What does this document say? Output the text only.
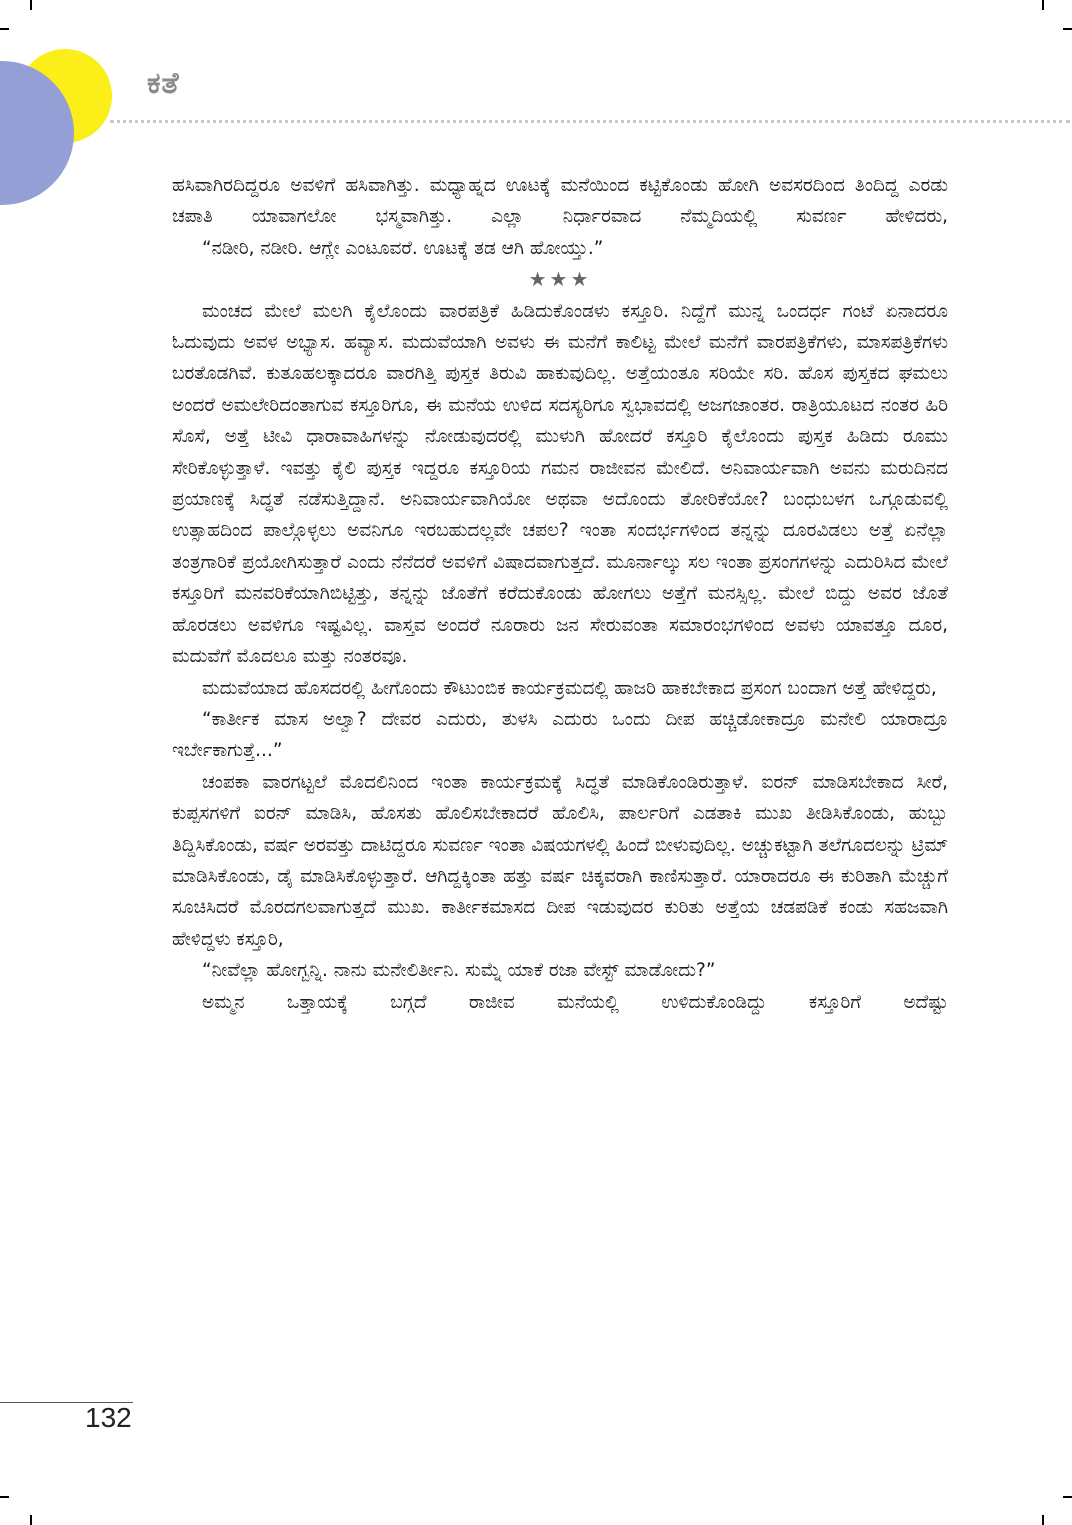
ಕತೆ

ಹಸಿವಾಗಿರದಿದ್ದರೂ ಅವಳಿಗೆ ಹಸಿವಾಗಿತ್ತು. ಮಧ್ಯಾಹ್ನದ ಊಟಕ್ಕೆ ಮನೆಯಿಂದ ಕಟ್ಟಿಕೊಂಡು ಹೋಗಿ ಅವಸರದಿಂದ ತಿಂದಿದ್ದ ಎರಡು ಚಪಾತಿ ಯಾವಾಗಲೋ ಭಸ್ಮವಾಗಿತ್ತು. ಎಲ್ಲಾ ನಿರ್ಧಾರವಾದ ನೆಮ್ಮದಿಯಲ್ಲಿ ಸುವರ್ಣ ಹೇಳಿದರು,

“ನಡೀರಿ, ನಡೀರಿ. ಆಗ್ಲೇ ಎಂಟೂವರೆ. ಊಟಕ್ಕೆ ತಡ ಆಗಿ ಹೋಯ್ತು.”

★★★

ಮಂಚದ ಮೇಲೆ ಮಲಗಿ ಕೈಲೊಂದು ವಾರಪತ್ರಿಕೆ ಹಿಡಿದುಕೊಂಡಳು ಕಸ್ತೂರಿ. ನಿದ್ದೆಗೆ ಮುನ್ನ ಒಂದರ್ಧ ಗಂಟೆ ಏನಾದರೂ ಓದುವುದು ಅವಳ ಅಭ್ಯಾಸ. ಹವ್ಯಾಸ. ಮದುವೆಯಾಗಿ ಅವಳು ಈ ಮನೆಗೆ ಕಾಲಿಟ್ಟ ಮೇಲೆ ಮನೆಗೆ ವಾರಪತ್ರಿಕೆಗಳು, ಮಾಸಪತ್ರಿಕೆಗಳು ಬರತೊಡಗಿವೆ. ಕುತೂಹಲಕ್ಕಾದರೂ ವಾರಗಿತ್ತಿ ಪುಸ್ತಕ ತಿರುವಿ ಹಾಕುವುದಿಲ್ಲ. ಅತ್ತೆಯಂತೂ ಸರಿಯೇ ಸರಿ. ಹೊಸ ಪುಸ್ತಕದ ಘಮಲು ಅಂದರೆ ಅಮಲೇರಿದಂತಾಗುವ ಕಸ್ತೂರಿಗೂ, ಈ ಮನೆಯ ಉಳಿದ ಸದಸ್ಯರಿಗೂ ಸ್ವಭಾವದಲ್ಲಿ ಅಜಗಜಾಂತರ. ರಾತ್ರಿಯೂಟದ ನಂತರ ಹಿರಿ ಸೊಸೆ, ಅತ್ತೆ ಟೀವಿ ಧಾರಾವಾಹಿಗಳನ್ನು ನೋಡುವುದರಲ್ಲಿ ಮುಳುಗಿ ಹೋದರೆ ಕಸ್ತೂರಿ ಕೈಲೊಂದು ಪುಸ್ತಕ ಹಿಡಿದು ರೂಮು ಸೇರಿಕೊಳ್ಳುತ್ತಾಳೆ. ಇವತ್ತು ಕೈಲಿ ಪುಸ್ತಕ ಇದ್ದರೂ ಕಸ್ತೂರಿಯ ಗಮನ ರಾಜೀವನ ಮೇಲಿದೆ. ಅನಿವಾರ್ಯವಾಗಿ ಅವನು ಮರುದಿನದ ಪ್ರಯಾಣಕ್ಕೆ ಸಿದ್ಧತೆ ನಡೆಸುತ್ತಿದ್ದಾನೆ. ಅನಿವಾರ್ಯವಾಗಿಯೋ ಅಥವಾ ಅದೊಂದು ತೋರಿಕೆಯೋ? ಬಂಧುಬಳಗ ಒಗ್ಗೂಡುವಲ್ಲಿ ಉತ್ಸಾಹದಿಂದ ಪಾಲ್ಗೊಳ್ಳಲು ಅವನಿಗೂ ಇರಬಹುದಲ್ಲವೇ ಚಪಲ? ಇಂತಾ ಸಂದರ್ಭಗಳಿಂದ ತನ್ನನ್ನು ದೂರವಿಡಲು ಅತ್ತೆ ಏನೆಲ್ಲಾ ತಂತ್ರಗಾರಿಕೆ ಪ್ರಯೋಗಿಸುತ್ತಾರೆ ಎಂದು ನೆನೆದರೆ ಅವಳಿಗೆ ವಿಷಾದವಾಗುತ್ತದೆ. ಮೂರ್ನಾಲ್ಕು ಸಲ ಇಂತಾ ಪ್ರಸಂಗಗಳನ್ನು ಎದುರಿಸಿದ ಮೇಲೆ ಕಸ್ತೂರಿಗೆ ಮನವರಿಕೆಯಾಗಿಬಿಟ್ಟಿತ್ತು, ತನ್ನನ್ನು ಜೊತೆಗೆ ಕರೆದುಕೊಂಡು ಹೋಗಲು ಅತ್ತೆಗೆ ಮನಸ್ಸಿಲ್ಲ. ಮೇಲೆ ಬಿದ್ದು ಅವರ ಜೊತೆ ಹೊರಡಲು ಅವಳಿಗೂ ಇಷ್ಟವಿಲ್ಲ. ವಾಸ್ತವ ಅಂದರೆ ನೂರಾರು ಜನ ಸೇರುವಂತಾ ಸಮಾರಂಭಗಳಿಂದ ಅವಳು ಯಾವತ್ತೂ ದೂರ, ಮದುವೆಗೆ ಮೊದಲೂ ಮತ್ತು ನಂತರವೂ.

ಮದುವೆಯಾದ ಹೊಸದರಲ್ಲಿ ಹೀಗೊಂದು ಕೌಟುಂಬಿಕ ಕಾರ್ಯಕ್ರಮದಲ್ಲಿ ಹಾಜರಿ ಹಾಕಬೇಕಾದ ಪ್ರಸಂಗ ಬಂದಾಗ ಅತ್ತೆ ಹೇಳಿದ್ದರು,

“ಕಾರ್ತೀಕ ಮಾಸ ಅಲ್ವಾ? ದೇವರ ಎದುರು, ತುಳಸಿ ಎದುರು ಒಂದು ದೀಪ ಹಚ್ಚಿಡೋಕಾದ್ರೂ ಮನೇಲಿ ಯಾರಾದ್ರೂ ಇರ್ಬೇಕಾಗುತ್ತೆ...”

ಚಂಪಕಾ ವಾರಗಟ್ಟಲೆ ಮೊದಲಿನಿಂದ ಇಂತಾ ಕಾರ್ಯಕ್ರಮಕ್ಕೆ ಸಿದ್ಧತೆ ಮಾಡಿಕೊಂಡಿರುತ್ತಾಳೆ. ಐರನ್ ಮಾಡಿಸಬೇಕಾದ ಸೀರೆ, ಕುಪ್ಪಸಗಳಿಗೆ ಐರನ್ ಮಾಡಿಸಿ, ಹೊಸತು ಹೊಲಿಸಬೇಕಾದರೆ ಹೊಲಿಸಿ, ಪಾರ್ಲರಿಗೆ ಎಡತಾಕಿ ಮುಖ ತೀಡಿಸಿಕೊಂಡು, ಹುಬ್ಬು ತಿದ್ದಿಸಿಕೊಂಡು, ವರ್ಷ ಅರವತ್ತು ದಾಟಿದ್ದರೂ ಸುವರ್ಣ ಇಂತಾ ವಿಷಯಗಳಲ್ಲಿ ಹಿಂದೆ ಬೀಳುವುದಿಲ್ಲ. ಅಚ್ಚುಕಟ್ಟಾಗಿ ತಲೆಗೂದಲನ್ನು ಟ್ರಿಮ್ ಮಾಡಿಸಿಕೊಂಡು, ಡೈ ಮಾಡಿಸಿಕೊಳ್ಳುತ್ತಾರೆ. ಆಗಿದ್ದಕ್ಕಿಂತಾ ಹತ್ತು ವರ್ಷ ಚಿಕ್ಕವರಾಗಿ ಕಾಣಿಸುತ್ತಾರೆ. ಯಾರಾದರೂ ಈ ಕುರಿತಾಗಿ ಮೆಚ್ಚುಗೆ ಸೂಚಿಸಿದರೆ ಮೊರದಗಲವಾಗುತ್ತದೆ ಮುಖ. ಕಾರ್ತೀಕಮಾಸದ ದೀಪ ಇಡುವುದರ ಕುರಿತು ಅತ್ತೆಯ ಚಡಪಡಿಕೆ ಕಂಡು ಸಹಜವಾಗಿ ಹೇಳಿದ್ದಳು ಕಸ್ತೂರಿ,

“ನೀವೆಲ್ಲಾ ಹೋಗ್ಬನ್ನಿ. ನಾನು ಮನೇಲಿರ್ತೀನಿ. ಸುಮ್ನೆ ಯಾಕೆ ರಜಾ ವೇಸ್ಟ್ ಮಾಡೋದು?”

ಅಮ್ಮನ ಒತ್ತಾಯಕ್ಕೆ ಬಗ್ಗದೆ ರಾಜೀವ ಮನೆಯಲ್ಲಿ ಉಳಿದುಕೊಂಡಿದ್ದು ಕಸ್ತೂರಿಗೆ ಅದೆಷ್ಟು

132
